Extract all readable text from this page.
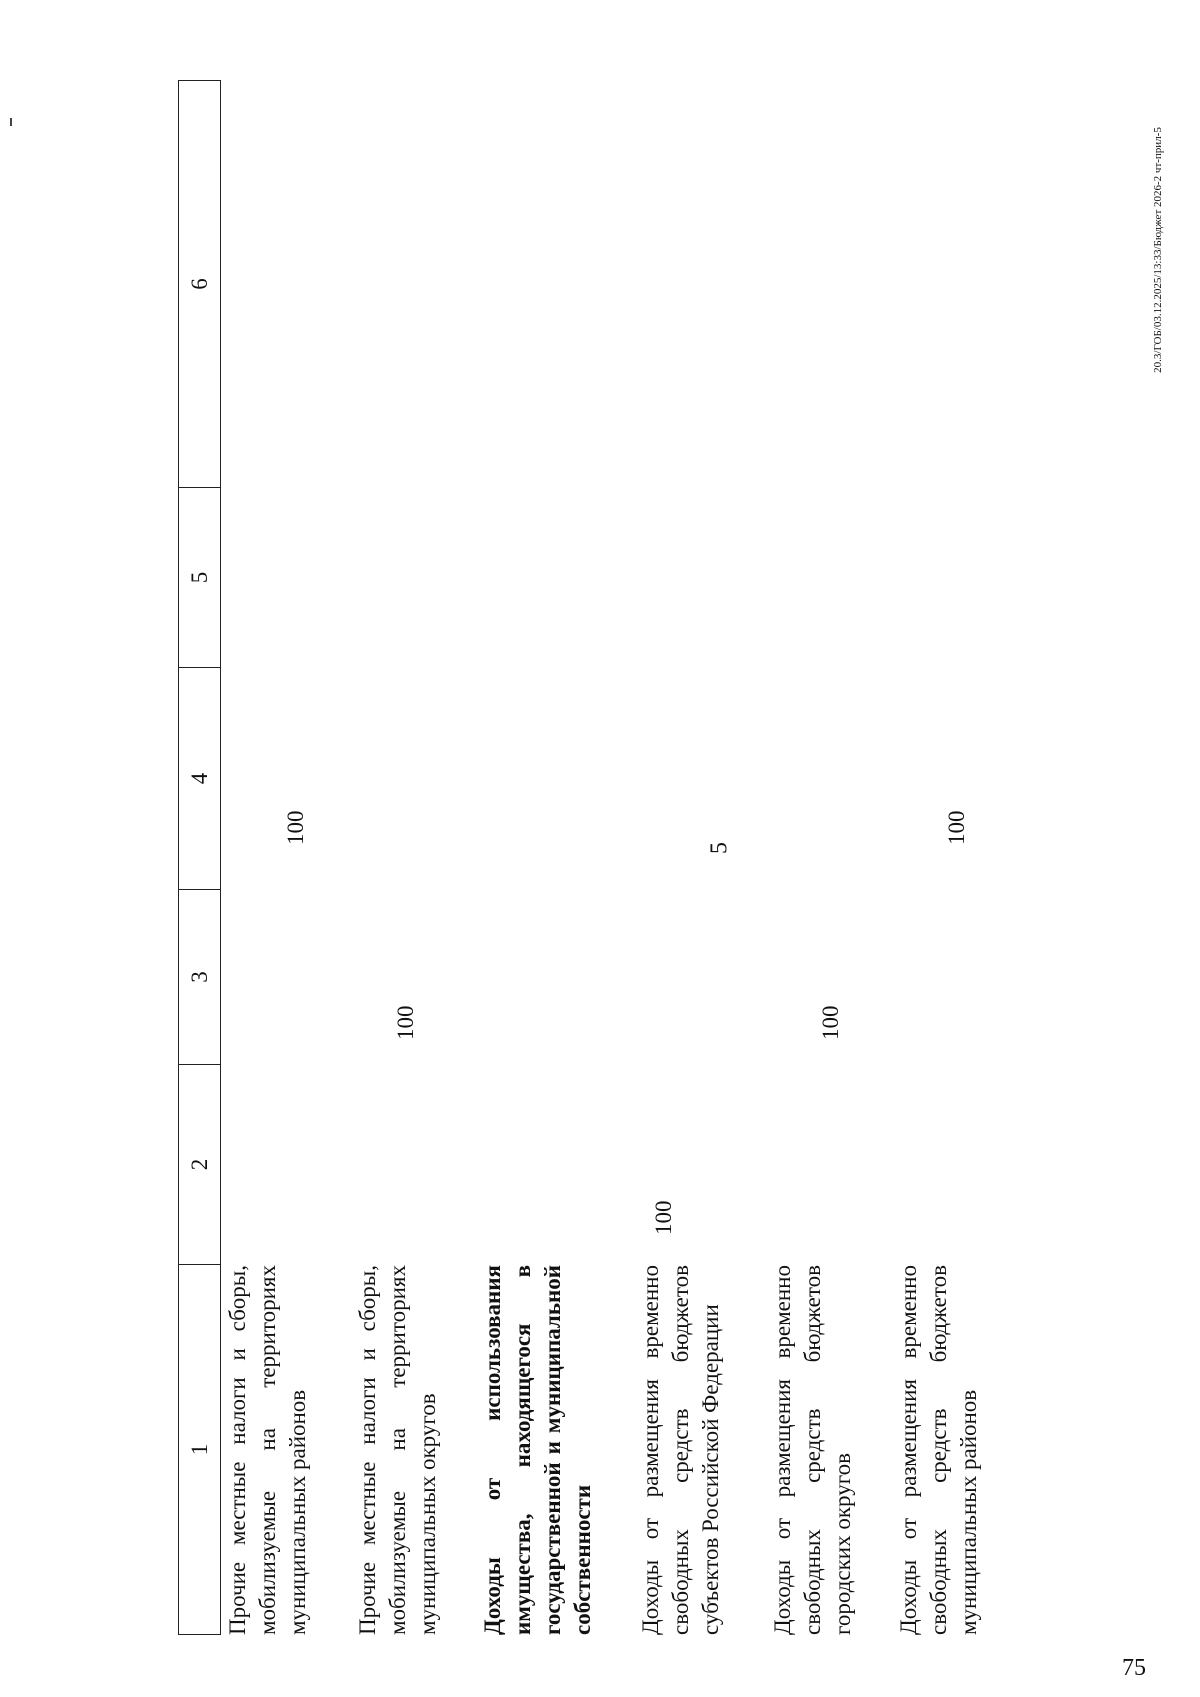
5
20.3/ГОБ/03.12.2025/13:33/Бюджет 2026-2 чт-прил-5
1
2
3
4
5
6
Прочие местные налоги и сборы, мобилизуемые на территориях муниципальных районов
100
Прочие местные налоги и сборы, мобилизуемые на территориях муниципальных округов
100
Доходы от использования имущества, находящегося в государственной и муниципальной собственности Доходы от размещения временно свободных средств бюджетов субъектов Российской Федерации
100
Доходы от размещения временно свободных средств бюджетов городских округов
100
Доходы от размещения временно свободных средств бюджетов муниципальных районов
100
75
